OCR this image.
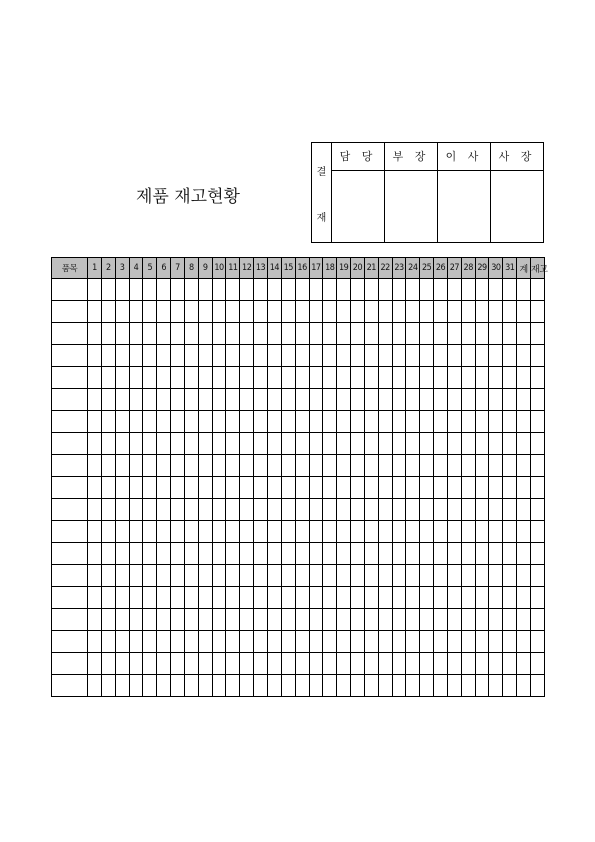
제품 재고현황
결
재
담 당	부 장	이 사	사 장
품목	1	2	3	4	5	6	7	8	9	10	11	12	13	14	15	16	17	18	19	20	21	22	23	24	25	26	27	28	29	30	31	계	재고
